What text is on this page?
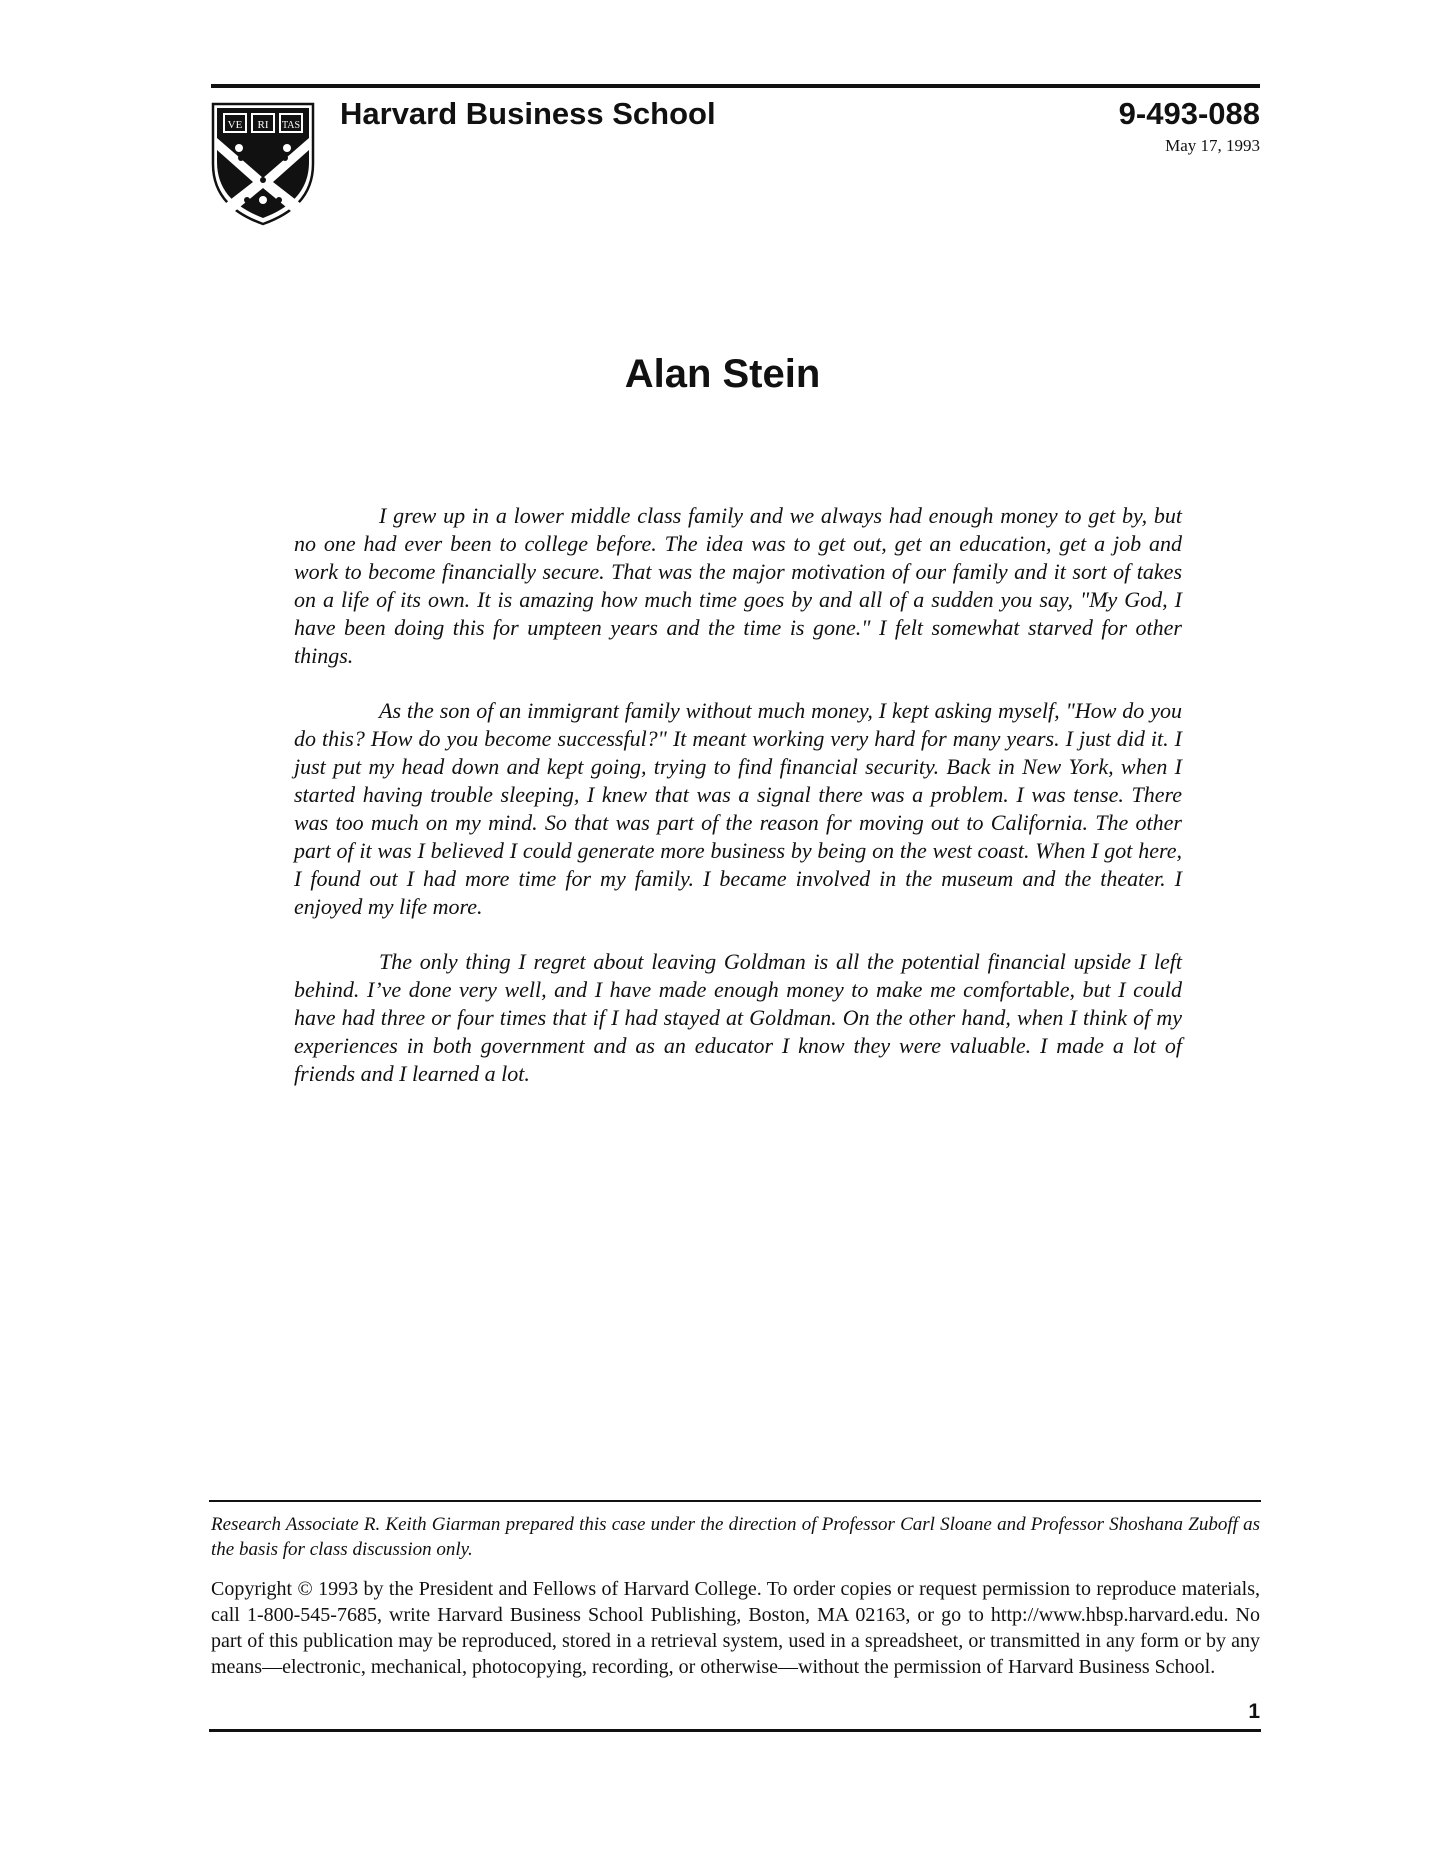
VE RI TAS Harvard Business School	9-493-088
May 17, 1993
Alan Stein

I grew up in a lower middle class family and we always had enough money to get by, but no one had ever been to college before. The idea was to get out, get an education, get a job and work to become financially secure. That was the major motivation of our family and it sort of takes on a life of its own. It is amazing how much time goes by and all of a sudden you say, "My God, I have been doing this for umpteen years and the time is gone." I felt somewhat starved for other things.

As the son of an immigrant family without much money, I kept asking myself, "How do you do this? How do you become successful?" It meant working very hard for many years. I just did it. I just put my head down and kept going, trying to find financial security. Back in New York, when I started having trouble sleeping, I knew that was a signal there was a problem. I was tense. There was too much on my mind. So that was part of the reason for moving out to California. The other part of it was I believed I could generate more business by being on the west coast. When I got here, I found out I had more time for my family. I became involved in the museum and the theater. I enjoyed my life more.

The only thing I regret about leaving Goldman is all the potential financial upside I left behind. I’ve done very well, and I have made enough money to make me comfortable, but I could have had three or four times that if I had stayed at Goldman. On the other hand, when I think of my experiences in both government and as an educator I know they were valuable. I made a lot of friends and I learned a lot.

Research Associate R. Keith Giarman prepared this case under the direction of Professor Carl Sloane and Professor Shoshana Zuboff as the basis for class discussion only.

Copyright © 1993 by the President and Fellows of Harvard College. To order copies or request permission to reproduce materials, call 1-800-545-7685, write Harvard Business School Publishing, Boston, MA 02163, or go to http://www.hbsp.harvard.edu. No part of this publication may be reproduced, stored in a retrieval system, used in a spreadsheet, or transmitted in any form or by any means—electronic, mechanical, photocopying, recording, or otherwise—without the permission of Harvard Business School.

1
